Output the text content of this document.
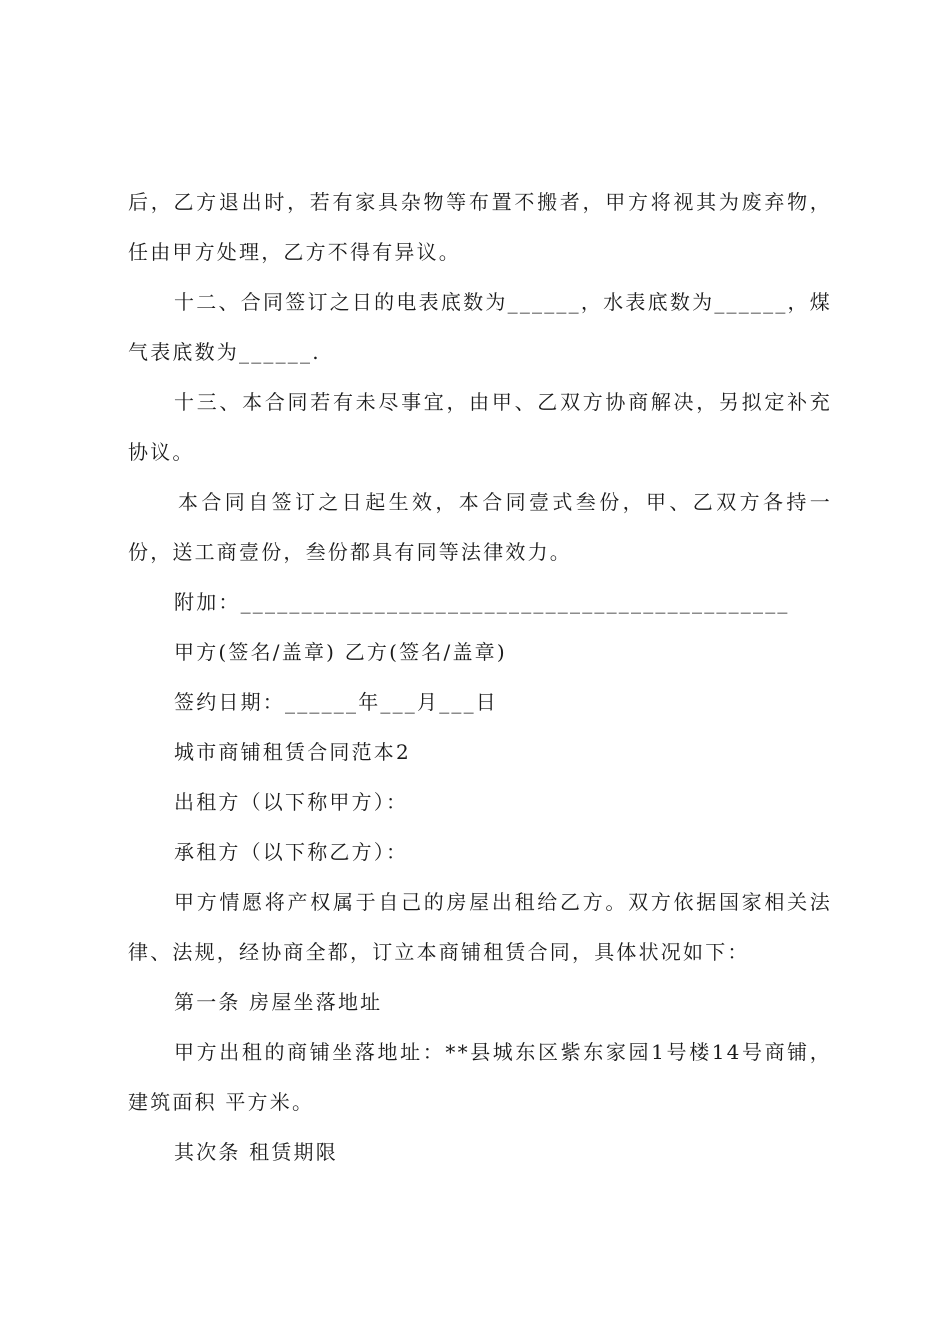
后，乙方退出时，若有家具杂物等布置不搬者，甲方将视其为废弃物，任由甲方处理，乙方不得有异议。

十二、合同签订之日的电表底数为______，水表底数为______，煤气表底数为______.

十三、本合同若有未尽事宜，由甲、乙双方协商解决，另拟定补充协议。

本合同自签订之日起生效，本合同壹式叁份，甲、乙双方各持一份，送工商壹份，叁份都具有同等法律效力。

附加：_____________________________________________

甲方(签名/盖章) 乙方(签名/盖章)

签约日期：______年___月___日

城市商铺租赁合同范本2

出租方（以下称甲方）：

承租方（以下称乙方）：

甲方情愿将产权属于自己的房屋出租给乙方。双方依据国家相关法律、法规，经协商全都，订立本商铺租赁合同，具体状况如下：

第一条 房屋坐落地址

甲方出租的商铺坐落地址：**县城东区紫东家园1号楼14号商铺，建筑面积 平方米。

其次条 租赁期限
